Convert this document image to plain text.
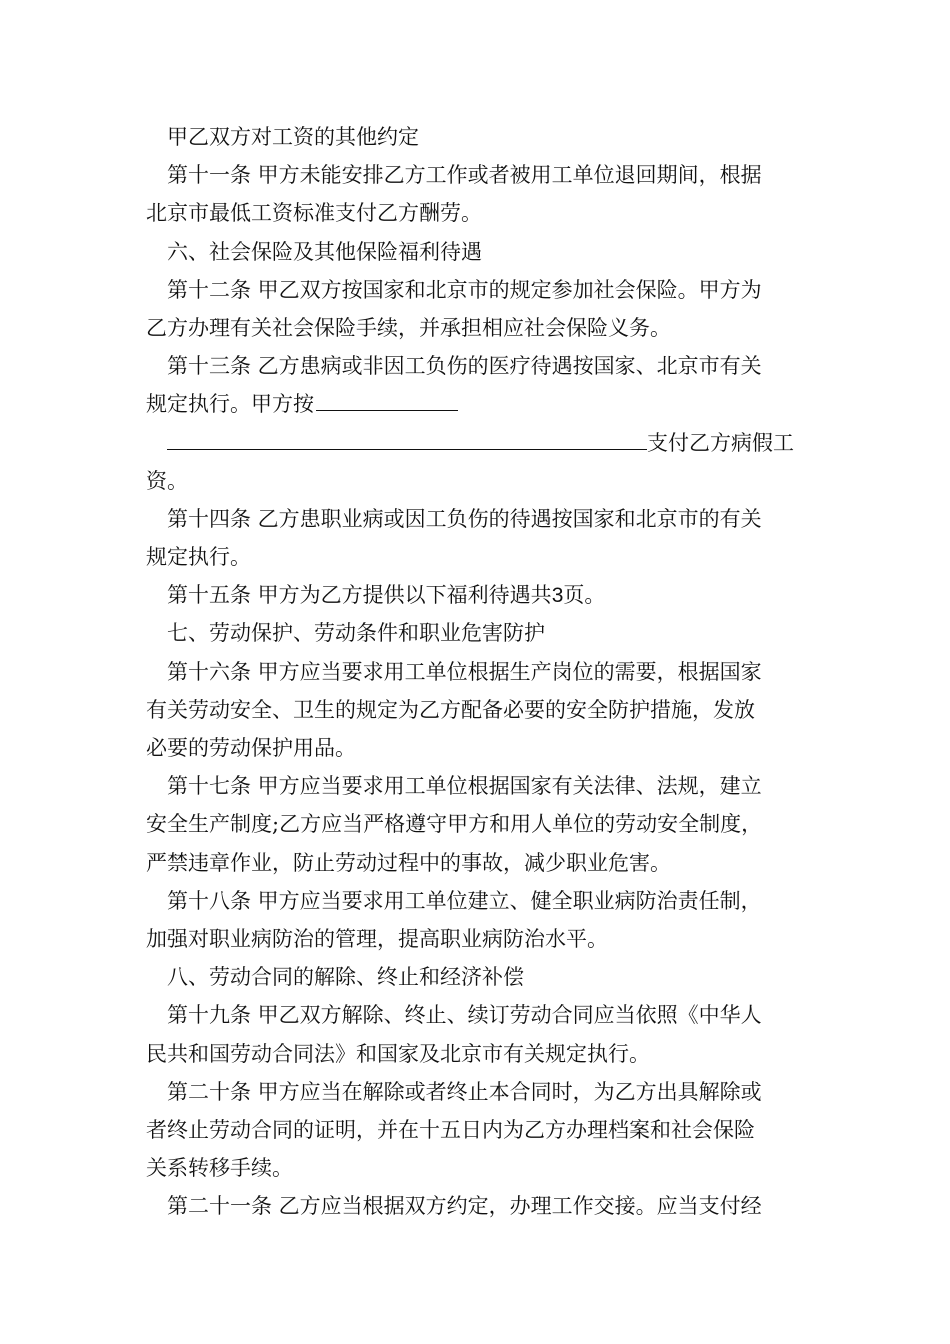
甲乙双方对工资的其他约定
第十一条 甲方未能安排乙方工作或者被用工单位退回期间，根据
北京市最低工资标准支付乙方酬劳。
六、社会保险及其他保险福利待遇
第十二条 甲乙双方按国家和北京市的规定参加社会保险。甲方为
乙方办理有关社会保险手续，并承担相应社会保险义务。
第十三条 乙方患病或非因工负伤的医疗待遇按国家、北京市有关
规定执行。甲方按
支付乙方病假工
资。
第十四条 乙方患职业病或因工负伤的待遇按国家和北京市的有关
规定执行。
第十五条 甲方为乙方提供以下福利待遇共3页。
七、劳动保护、劳动条件和职业危害防护
第十六条 甲方应当要求用工单位根据生产岗位的需要，根据国家
有关劳动安全、卫生的规定为乙方配备必要的安全防护措施，发放
必要的劳动保护用品。
第十七条 甲方应当要求用工单位根据国家有关法律、法规，建立
安全生产制度;乙方应当严格遵守甲方和用人单位的劳动安全制度，
严禁违章作业，防止劳动过程中的事故，减少职业危害。
第十八条 甲方应当要求用工单位建立、健全职业病防治责任制，
加强对职业病防治的管理，提高职业病防治水平。
八、劳动合同的解除、终止和经济补偿
第十九条 甲乙双方解除、终止、续订劳动合同应当依照《中华人
民共和国劳动合同法》和国家及北京市有关规定执行。
第二十条 甲方应当在解除或者终止本合同时，为乙方出具解除或
者终止劳动合同的证明，并在十五日内为乙方办理档案和社会保险
关系转移手续。
第二十一条 乙方应当根据双方约定，办理工作交接。应当支付经
